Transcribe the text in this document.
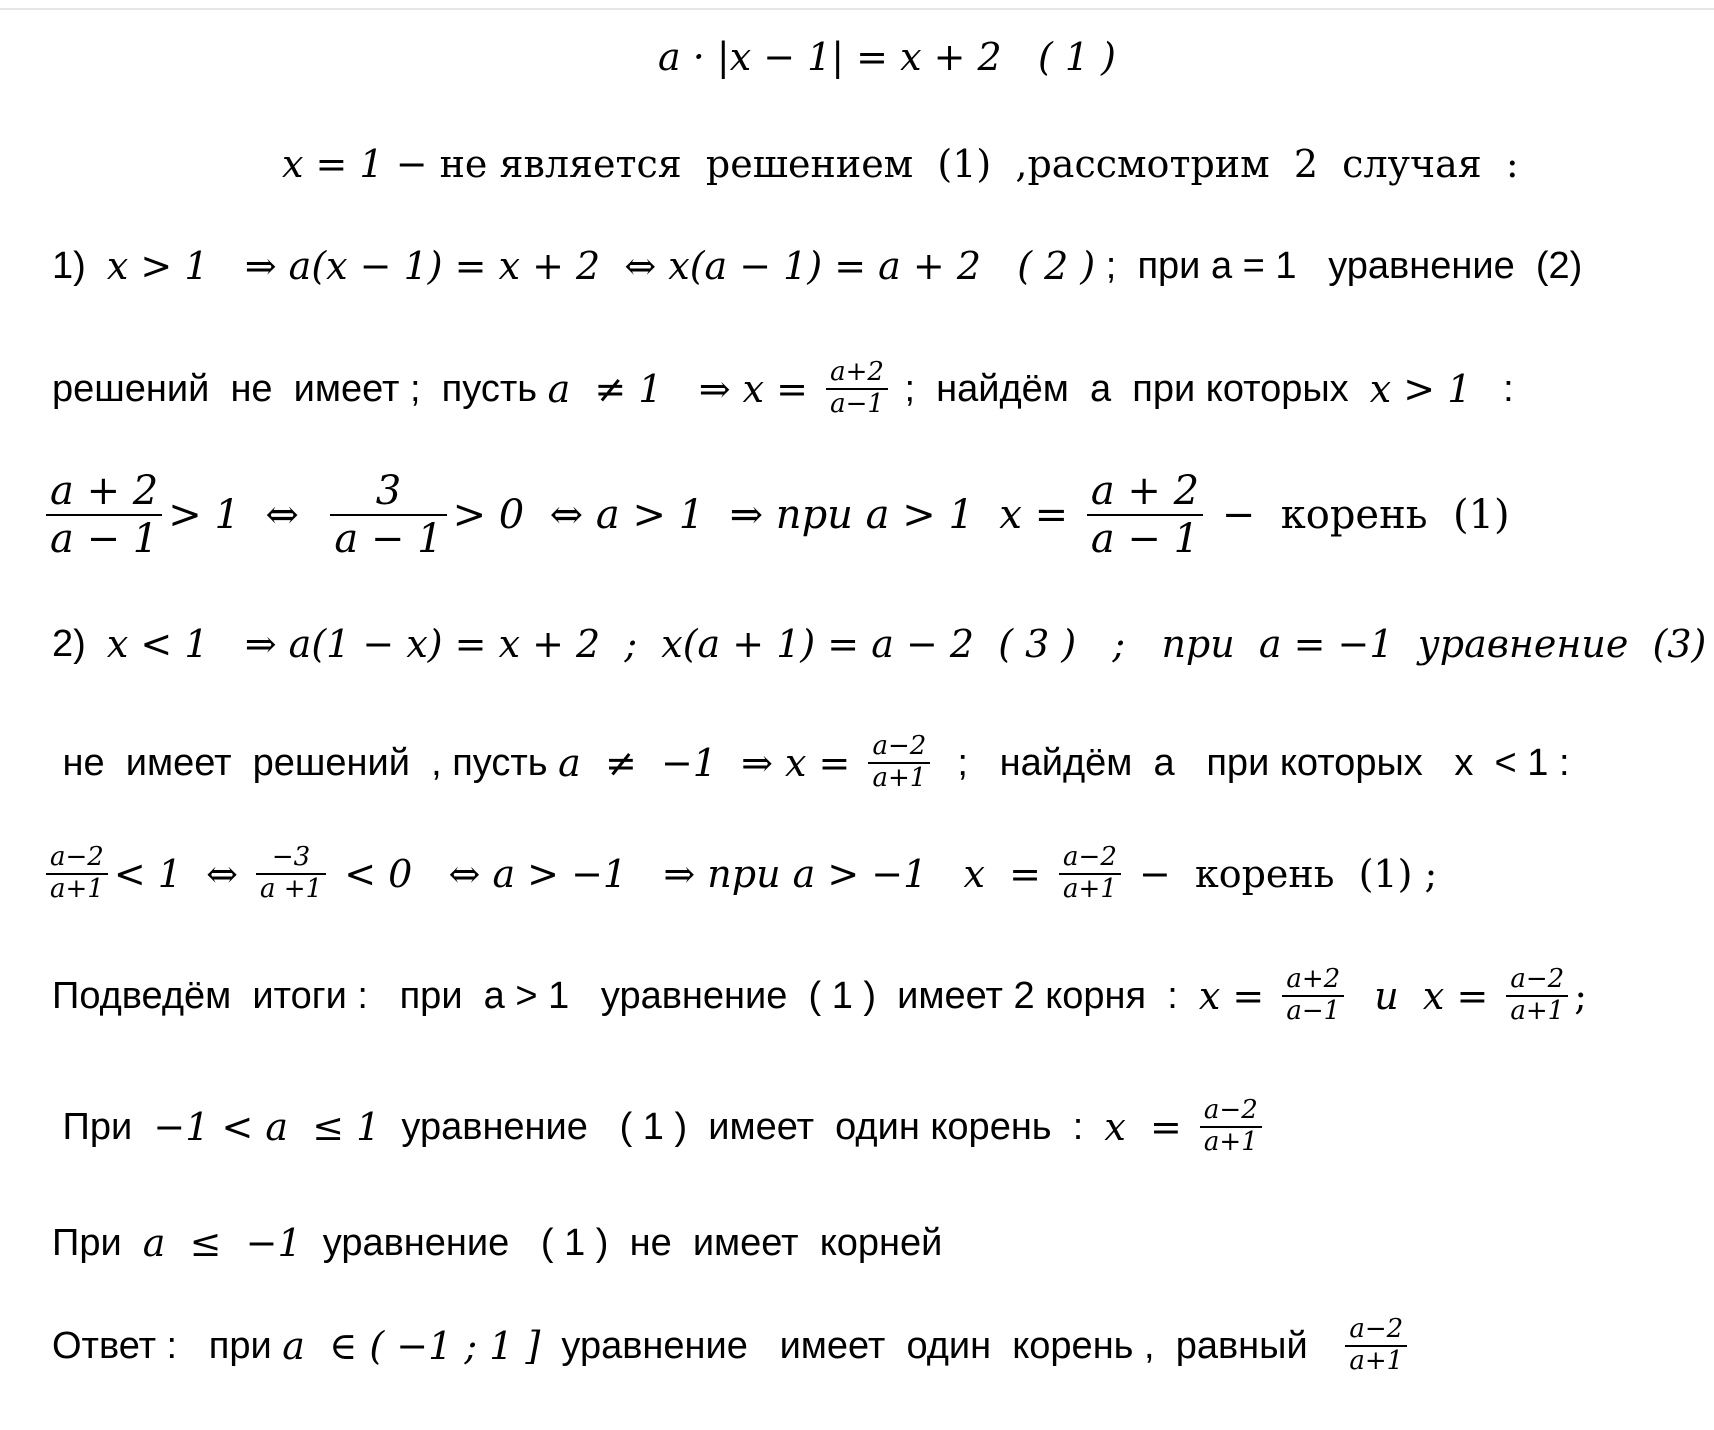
a · |x − 1| = x + 2   ( 1 )
x = 1 − не является  решением  (1)  ,рассмотрим  2  случая  :
1) x > 1   ⇒ a(x − 1) = x + 2  ⇔ x(a − 1) = a + 2   ( 2 ) ;  при а = 1   уравнение  (2)
решений  не  имеет ;  пусть a  ≠ 1   ⇒ $x = \frac{a+2}{a-1}$ ;  найдём  а  при которых x > 1 :
$\frac{a + 2}{a - 1} > 1$  ⇔ $\frac{3}{a - 1} > 0$  ⇔ a > 1  ⇒ при a > 1  $x = \frac{a + 2}{a - 1}$ −  корень  (1)
2) x < 1   ⇒ a(1 − x) = x + 2  ;  x(a + 1) = a − 2  ( 3 )   ;   при  a = −1  уравнение  (3)
не  имеет  решений  , пусть a  ≠  −1  ⇒ $x = \frac{a-2}{a+1}$ ;   найдём  а   при которых   х  < 1 :
$\frac{a-2}{a+1} < 1$  ⇔ $\frac{-3}{a +1} < 0$   ⇔ a > −1   ⇒ при a > −1   $x = \frac{a-2}{a+1}$ −  корень  (1) ;
Подведём  итоги :   при  а > 1   уравнение  ( 1 )  имеет 2 корня  : $x = \frac{a+2}{a-1}$ и  $x = \frac{a-2}{a+1}$ ;
При −1 < a  ≤ 1 уравнение   ( 1 )  имеет  один корень  : $x = \frac{a-2}{a+1}$
При a  ≤  −1 уравнение   ( 1 )  не  имеет  корней
Ответ :   при a  ∈ ( −1 ; 1 ] уравнение   имеет  один  корень ,  равный $\frac{a-2}{a+1}$
